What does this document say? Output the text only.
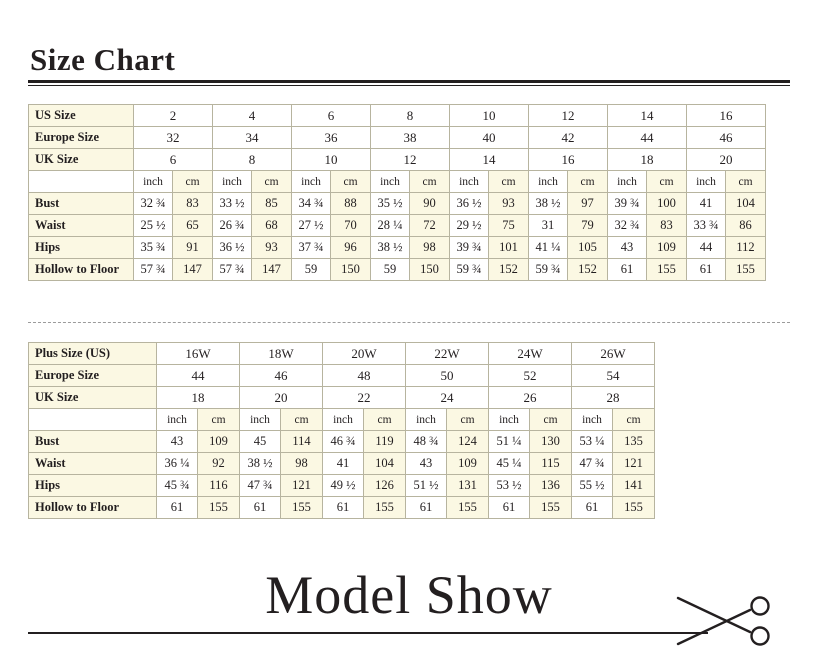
Size Chart
US Size	2		4		6		8		10		12		14		16	
Europe Size	32		34		36		38		40		42		44		46	
UK Size	6		8		10		12		14		16		18		20	
	inch	cm	inch	cm	inch	cm	inch	cm	inch	cm	inch	cm	inch	cm	inch	cm
Bust	32 ¾	83	33 ½	85	34 ¾	88	35 ½	90	36 ½	93	38 ½	97	39 ¾	100	41	104
Waist	25 ½	65	26 ¾	68	27 ½	70	28 ¼	72	29 ½	75	31	79	32 ¾	83	33 ¾	86
Hips	35 ¾	91	36 ½	93	37 ¾	96	38 ½	98	39 ¾	101	41 ¼	105	43	109	44	112
Hollow to Floor	57 ¾	147	57 ¾	147	59	150	59	150	59 ¾	152	59 ¾	152	61	155	61	155
Plus Size (US)	16W		18W		20W		22W		24W		26W	
Europe Size	44		46		48		50		52		54	
UK Size	18		20		22		24		26		28	
	inch	cm	inch	cm	inch	cm	inch	cm	inch	cm	inch	cm
Bust	43	109	45	114	46 ¾	119	48 ¾	124	51 ¼	130	53 ¼	135
Waist	36 ¼	92	38 ½	98	41	104	43	109	45 ¼	115	47 ¾	121
Hips	45 ¾	116	47 ¾	121	49 ½	126	51 ½	131	53 ½	136	55 ½	141
Hollow to Floor	61	155	61	155	61	155	61	155	61	155	61	155
Model Show
